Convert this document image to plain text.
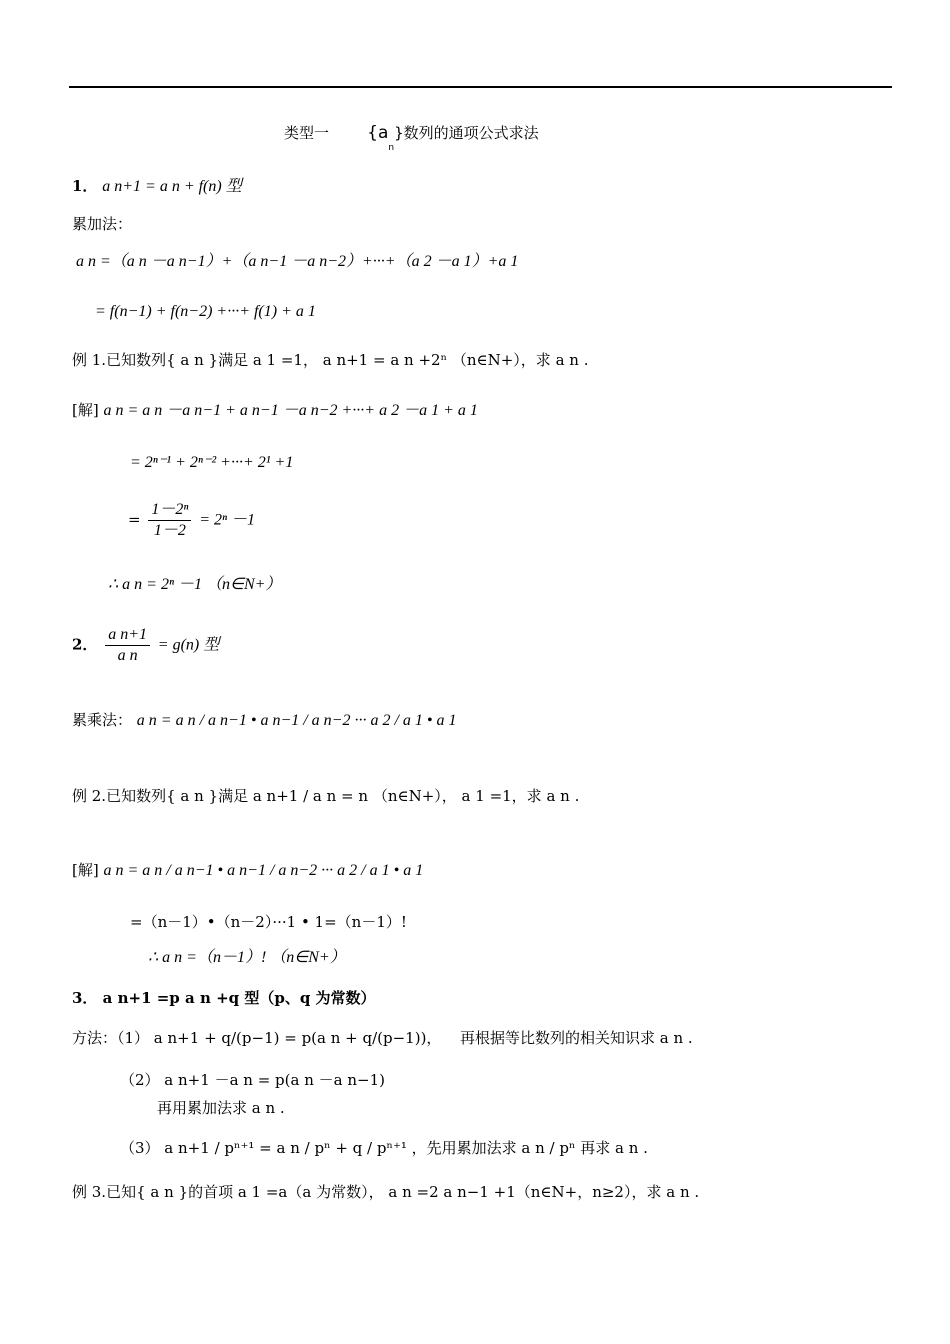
类型一 $\{a_n\}$数列的通项公式求法
1． a n+1 = a n + f(n) 型
累加法：
a n =（a n －a n−1）+（a n−1 －a n−2）+···+（a 2 －a 1）+a 1
= f(n−1) + f(n−2) +···+ f(1) + a 1
例 1.已知数列{ a n }满足 a 1 =1， a n+1 = a n +2ⁿ （n∈N+），求 a n .
[解] a n = a n －a n−1 + a n−1 －a n−2 +···+ a 2 －a 1 + a 1
= 2ⁿ⁻¹ + 2ⁿ⁻² +···+ 2¹ +1
= $\frac{\text{1－2ⁿ}}{1-2} = 2^n -1$
∴ a n = 2ⁿ －1 （n∈N+）
2． $\frac{\text{a n+1}}{\text{a n}} = g(n)$ 型
累乘法： a n = a n / a n−1 • a n−1 / a n−2 ··· a 2 / a 1 • a 1
例 2.已知数列{ a n }满足 a n+1 / a n = n （n∈N+）， a 1 =1，求 a n .
[解] a n = a n / a n−1 • a n−1 / a n−2 ··· a 2 / a 1 • a 1
=（n－1）•（n－2）···1 • 1=（n－1）!
∴ a n =（n－1）! （n∈N+）
3． a n+1 =p a n +q 型（p、q 为常数）
方法：（1） a n+1 + q/(p−1) = p(a n + q/(p−1))， 再根据等比数列的相关知识求 a n .
（2） a n+1 －a n = p(a n －a n−1)
再用累加法求 a n .
（3） a n+1 / pⁿ⁺¹ = a n / pⁿ + q / pⁿ⁺¹ ，先用累加法求 a n / pⁿ 再求 a n .
例 3.已知{ a n }的首项 a 1 =a（a 为常数）， a n =2 a n−1 +1（n∈N+，n≥2），求 a n .
